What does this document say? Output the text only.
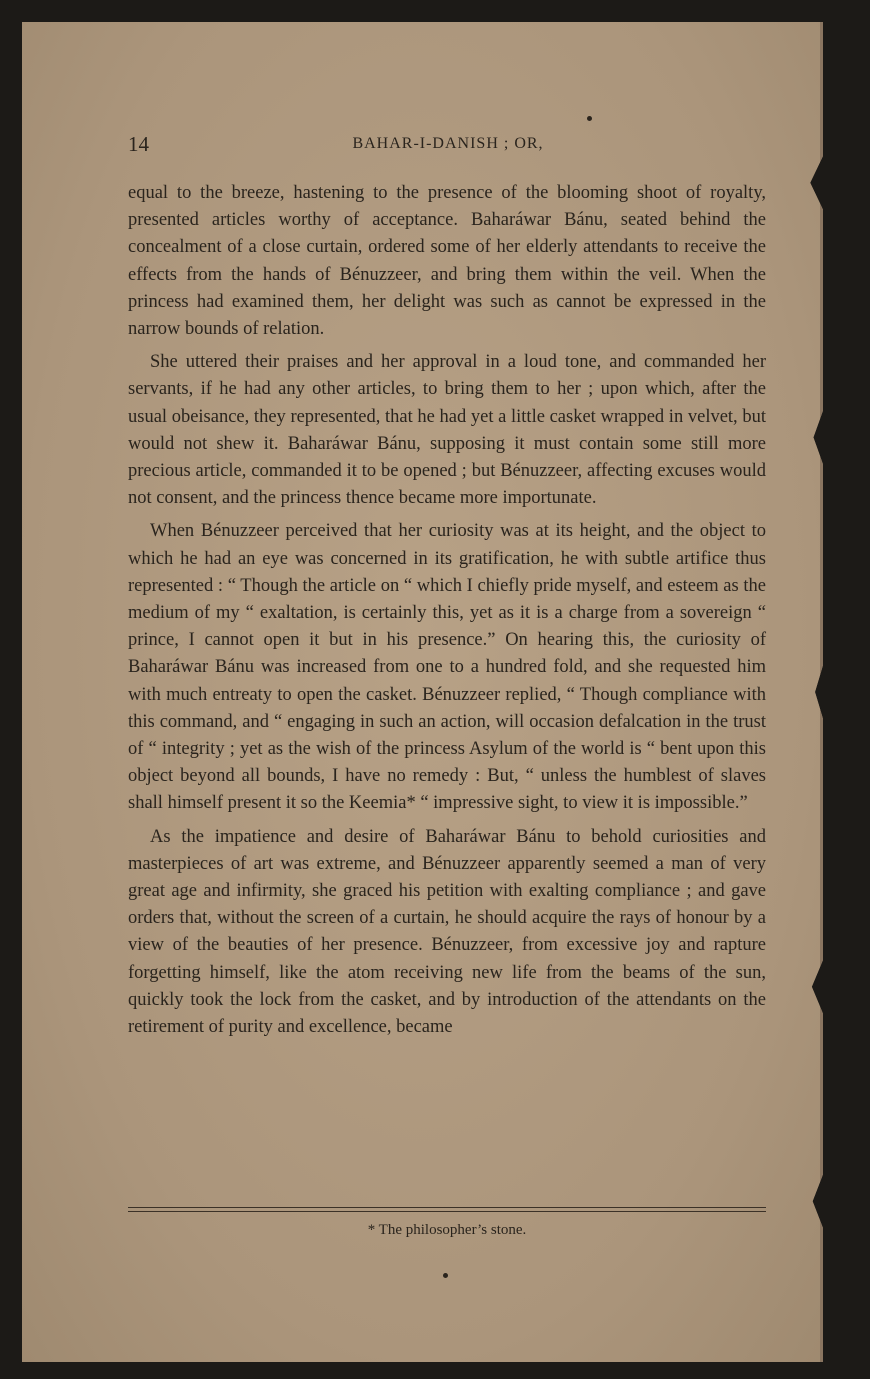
14	BAHAR-I-DANISH ; OR,

equal to the breeze, hastening to the presence of the blooming shoot of royalty, presented articles worthy of acceptance. Baharáwar Bánu, seated behind the concealment of a close curtain, ordered some of her elderly attendants to receive the effects from the hands of Bénuzzeer, and bring them within the veil. When the princess had examined them, her delight was such as cannot be expressed in the narrow bounds of relation.

She uttered their praises and her approval in a loud tone, and commanded her servants, if he had any other articles, to bring them to her ; upon which, after the usual obeisance, they represented, that he had yet a little casket wrapped in velvet, but would not shew it. Baharáwar Bánu, supposing it must contain some still more precious article, commanded it to be opened ; but Bénuzzeer, affecting excuses would not consent, and the princess thence became more importunate.

When Bénuzzeer perceived that her curiosity was at its height, and the object to which he had an eye was concerned in its gratification, he with subtle artifice thus represented : “ Though the article on “ which I chiefly pride myself, and esteem as the medium of my “ exaltation, is certainly this, yet as it is a charge from a sovereign “ prince, I cannot open it but in his presence.” On hearing this, the curiosity of Baharáwar Bánu was increased from one to a hundred fold, and she requested him with much entreaty to open the casket. Bénuzzeer replied, “ Though compliance with this command, and “ engaging in such an action, will occasion defalcation in the trust of “ integrity ; yet as the wish of the princess Asylum of the world is “ bent upon this object beyond all bounds, I have no remedy : But, “ unless the humblest of slaves shall himself present it so the Keemia* “ impressive sight, to view it is impossible.”

As the impatience and desire of Baharáwar Bánu to behold curiosities and masterpieces of art was extreme, and Bénuzzeer apparently seemed a man of very great age and infirmity, she graced his petition with exalting compliance ; and gave orders that, without the screen of a curtain, he should acquire the rays of honour by a view of the beauties of her presence. Bénuzzeer, from excessive joy and rapture forgetting himself, like the atom receiving new life from the beams of the sun, quickly took the lock from the casket, and by introduction of the attendants on the retirement of purity and excellence, became

* The philosopher’s stone.
